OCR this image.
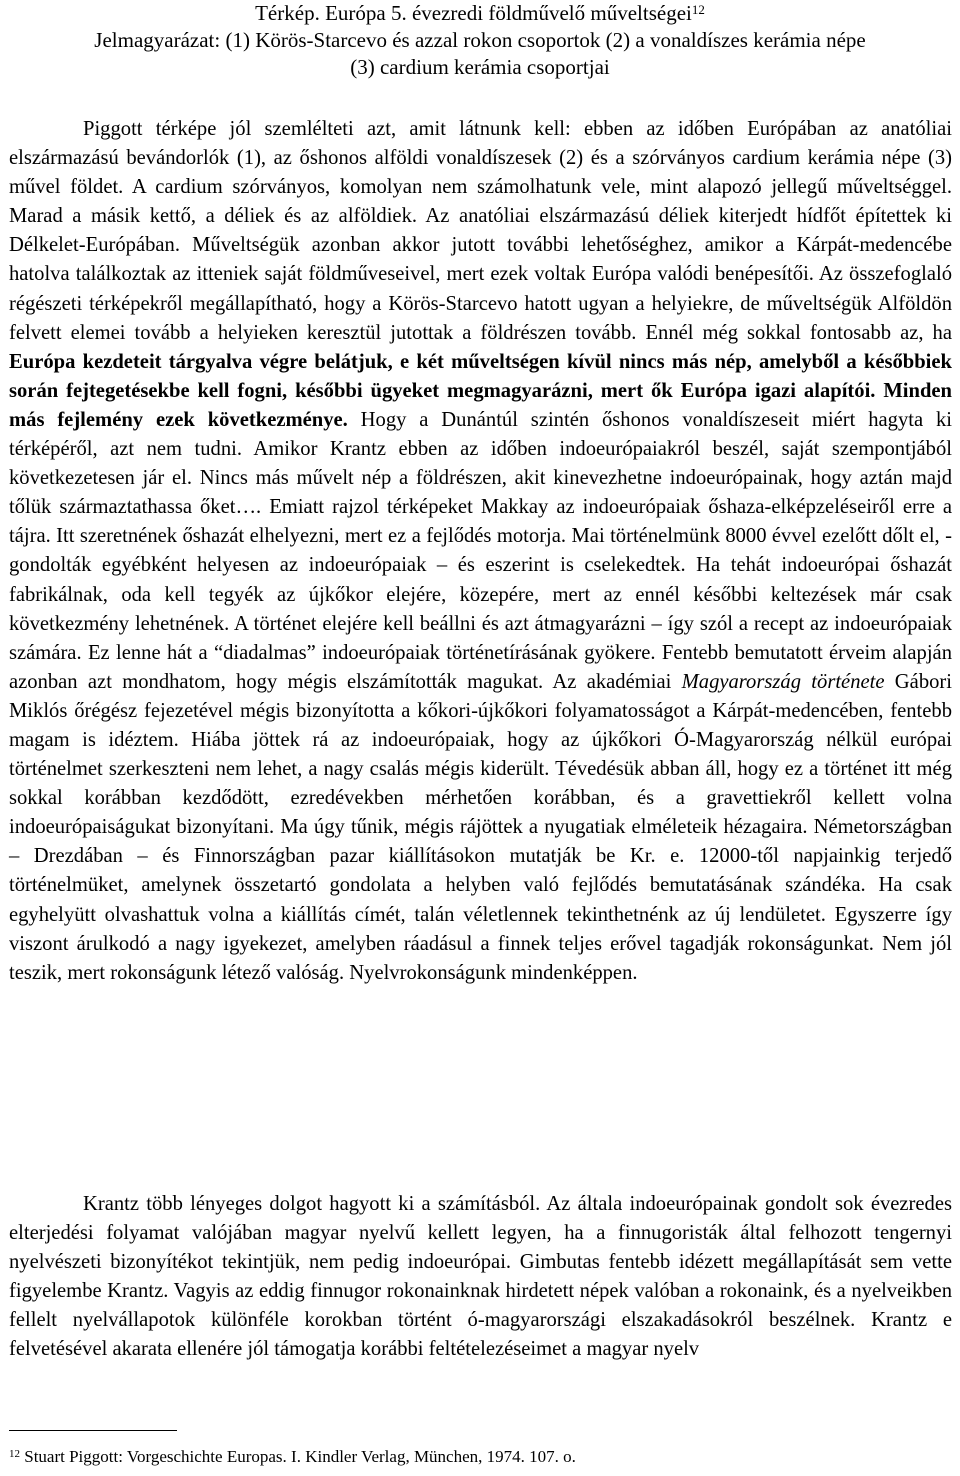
Térkép. Európa 5. évezredi földművelő műveltségei$^{12}$
Jelmagyarázat: (1) Körös-Starcevo és azzal rokon csoportok (2) a vonaldíszes kerámia népe
(3) cardium kerámia csoportjai
Piggott térképe jól szemlélteti azt, amit látnunk kell: ebben az időben Európában az anatóliai elszármazású bevándorlók (1), az őshonos alföldi vonaldíszesek (2) és a szórványos cardium kerámia népe (3) művel földet. A cardium szórványos, komolyan nem számolhatunk vele, mint alapozó jellegű műveltséggel. Marad a másik kettő, a déliek és az alföldiek. Az anatóliai elszármazású déliek kiterjedt hídfőt építettek ki Délkelet-Európában. Műveltségük azonban akkor jutott további lehetőséghez, amikor a Kárpát-medencébe hatolva találkoztak az itteniek saját földműveseivel, mert ezek voltak Európa valódi benépesítői. Az összefoglaló régészeti térképekről megállapítható, hogy a Körös-Starcevo hatott ugyan a helyiekre, de műveltségük Alföldön felvett elemei tovább a helyieken keresztül jutottak a földrészen tovább. Ennél még sokkal fontosabb az, ha Európa kezdeteit tárgyalva végre belátjuk, e két műveltségen kívül nincs más nép, amelyből a későbbiek során fejtegetésekbe kell fogni, későbbi ügyeket megmagyarázni, mert ők Európa igazi alapítói. Minden más fejlemény ezek következménye. Hogy a Dunántúl szintén őshonos vonaldíszeseit miért hagyta ki térképéről, azt nem tudni. Amikor Krantz ebben az időben indoeurópaiakról beszél, saját szempontjából következetesen jár el. Nincs más művelt nép a földrészen, akit kinevezhetne indoeurópainak, hogy aztán majd tőlük származtathassa őket…. Emiatt rajzol térképeket Makkay az indoeurópaiak őshaza-elképzeléseiről erre a tájra. Itt szeretnének őshazát elhelyezni, mert ez a fejlődés motorja. Mai történelmünk 8000 évvel ezelőtt dőlt el, - gondolták egyébként helyesen az indoeurópaiak – és eszerint is cselekedtek. Ha tehát indoeurópai őshazát fabrikálnak, oda kell tegyék az újkőkor elejére, közepére, mert az ennél későbbi keltezések már csak következmény lehetnének. A történet elejére kell beállni és azt átmagyarázni – így szól a recept az indoeurópaiak számára. Ez lenne hát a “diadalmas” indoeurópaiak történetírásának gyökere. Fentebb bemutatott érveim alapján azonban azt mondhatom, hogy mégis elszámították magukat. Az akadémiai Magyarország története Gábori Miklós őrégész fejezetével mégis bizonyította a kőkori-újkőkori folyamatosságot a Kárpát-medencében, fentebb magam is idéztem. Hiába jöttek rá az indoeurópaiak, hogy az újkőkori Ó-Magyarország nélkül európai történelmet szerkeszteni nem lehet, a nagy csalás mégis kiderült. Tévedésük abban áll, hogy ez a történet itt még sokkal korábban kezdődött, ezredévekben mérhetően korábban, és a gravettiekről kellett volna indoeurópaiságukat bizonyítani. Ma úgy tűnik, mégis rájöttek a nyugatiak elméleteik hézagaira. Németországban – Drezdában – és Finnországban pazar kiállításokon mutatják be Kr. e. 12000-től napjainkig terjedő történelmüket, amelynek összetartó gondolata a helyben való fejlődés bemutatásának szándéka. Ha csak egyhelyütt olvashattuk volna a kiállítás címét, talán véletlennek tekinthetnénk az új lendületet. Egyszerre így viszont árulkodó a nagy igyekezet, amelyben ráadásul a finnek teljes erővel tagadják rokonságunkat. Nem jól teszik, mert rokonságunk létező valóság. Nyelvrokonságunk mindenképpen.
Krantz több lényeges dolgot hagyott ki a számításból. Az általa indoeurópainak gondolt sok évezredes elterjedési folyamat valójában magyar nyelvű kellett legyen, ha a finnugoristák által felhozott tengernyi nyelvészeti bizonyítékot tekintjük, nem pedig indoeurópai. Gimbutas fentebb idézett megállapítását sem vette figyelembe Krantz. Vagyis az eddig finnugor rokonainknak hirdetett népek valóban a rokonaink, és a nyelveikben fellelt nyelvállapotok különféle korokban történt ó-magyarországi elszakadásokról beszélnek. Krantz e felvetésével akarata ellenére jól támogatja korábbi feltételezéseimet a magyar nyelv
$^{12}$ Stuart Piggott: Vorgeschichte Europas. I. Kindler Verlag, München, 1974. 107. o.
